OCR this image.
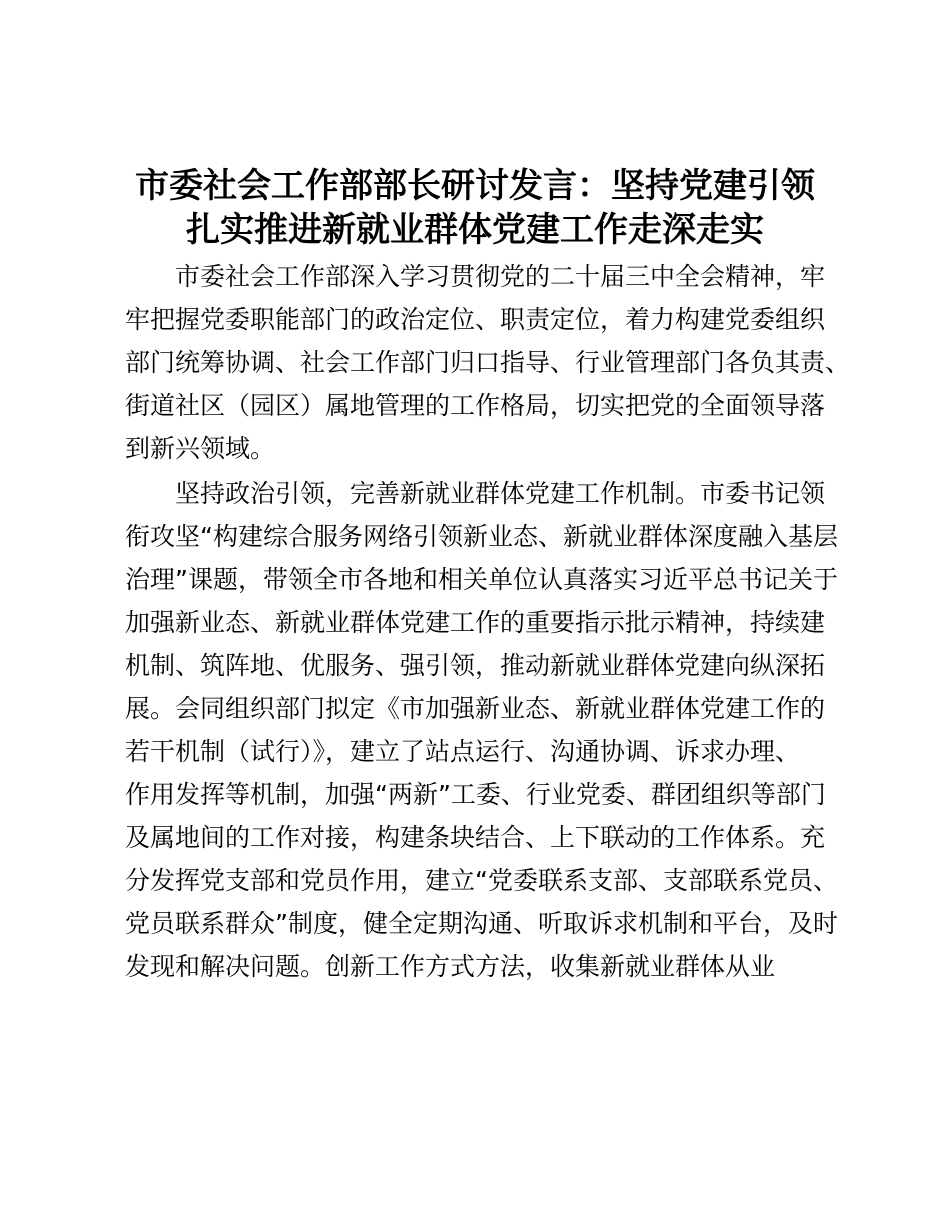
市委社会工作部部长研讨发言：坚持党建引领
扎实推进新就业群体党建工作走深走实
市委社会工作部深入学习贯彻党的二十届三中全会精神，牢
牢把握党委职能部门的政治定位、职责定位，着力构建党委组织
部门统筹协调、社会工作部门归口指导、行业管理部门各负其责、
街道社区（园区）属地管理的工作格局，切实把党的全面领导落
到新兴领域。
坚持政治引领，完善新就业群体党建工作机制。市委书记领
衔攻坚“构建综合服务网络引领新业态、新就业群体深度融入基层
治理”课题，带领全市各地和相关单位认真落实习近平总书记关于
加强新业态、新就业群体党建工作的重要指示批示精神，持续建
机制、筑阵地、优服务、强引领，推动新就业群体党建向纵深拓
展。会同组织部门拟定《市加强新业态、新就业群体党建工作的
若干机制（试行）》，建立了站点运行、沟通协调、诉求办理、
作用发挥等机制，加强“两新”工委、行业党委、群团组织等部门
及属地间的工作对接，构建条块结合、上下联动的工作体系。充
分发挥党支部和党员作用，建立“党委联系支部、支部联系党员、
党员联系群众”制度，健全定期沟通、听取诉求机制和平台，及时
发现和解决问题。创新工作方式方法，收集新就业群体从业
